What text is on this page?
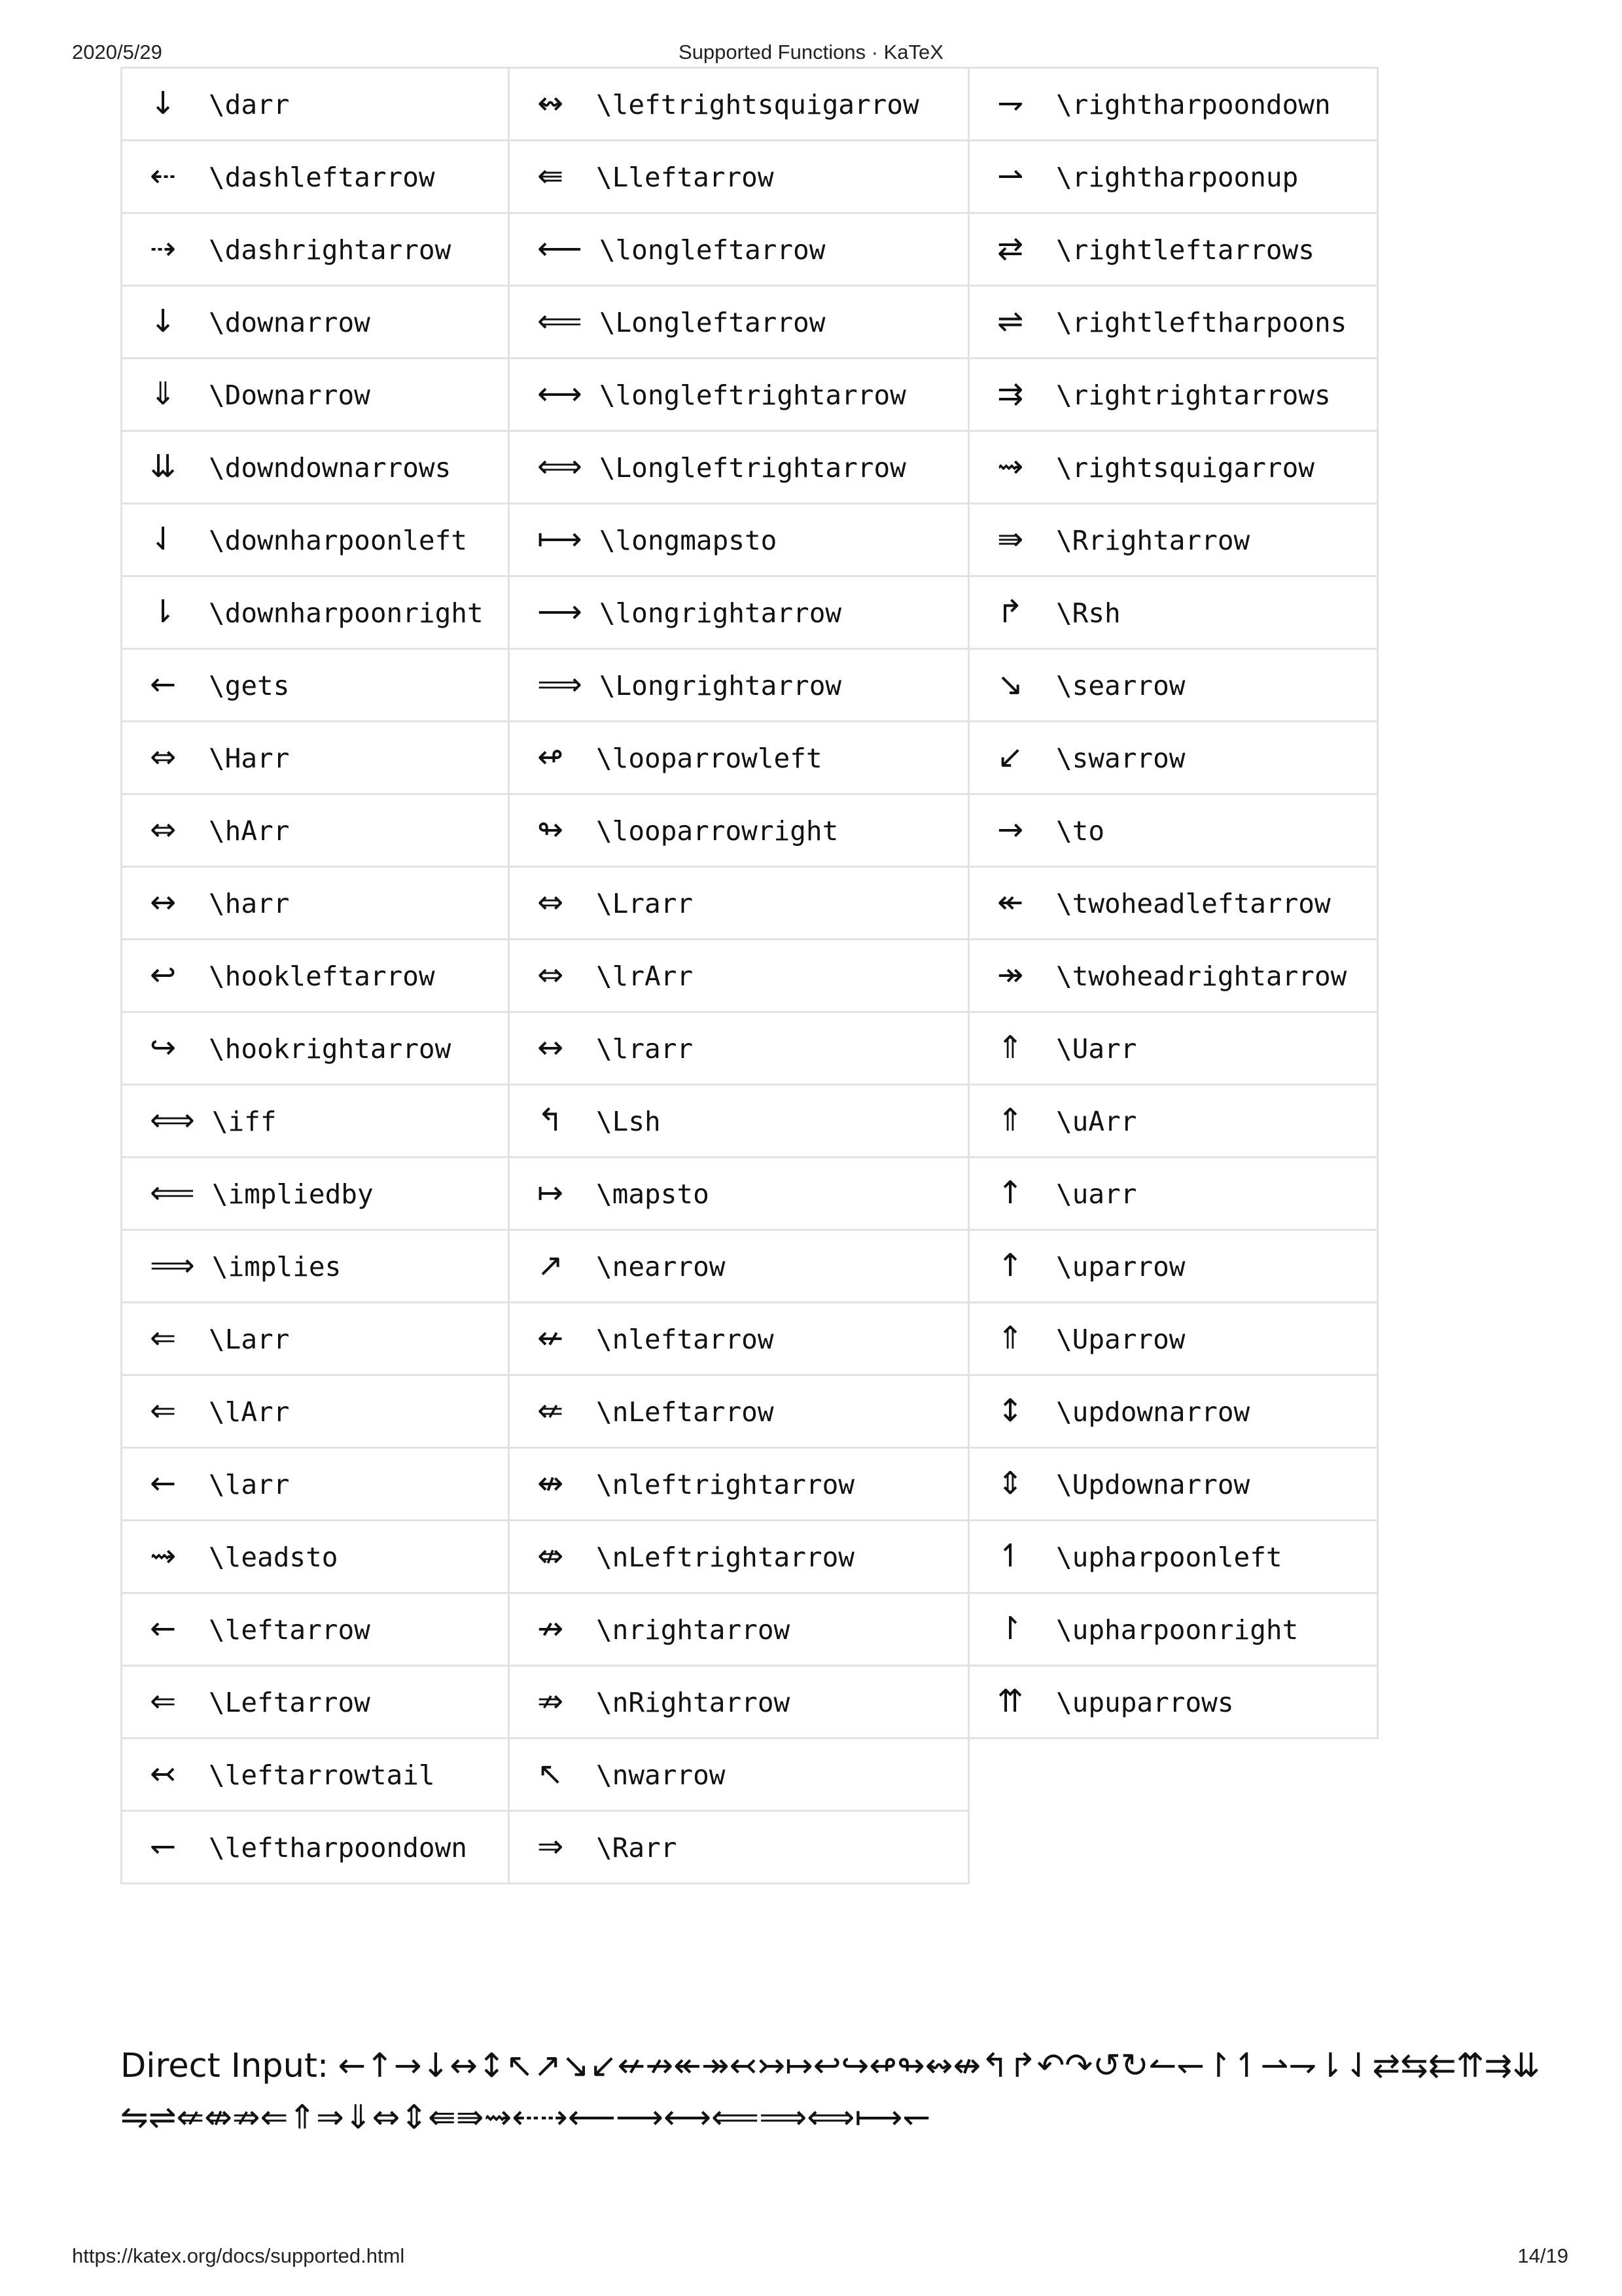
2020/5/29	Supported Functions · KaTeX
↓ \darr	↭ \leftrightsquigarrow	⇁ \rightharpoondown
⇠ \dashleftarrow	⇚ \Lleftarrow	⇀ \rightharpoonup
⇢ \dashrightarrow	⟵ \longleftarrow	⇄ \rightleftarrows
↓ \downarrow	⟸ \Longleftarrow	⇌ \rightleftharpoons
⇓ \Downarrow	⟷ \longleftrightarrow	⇉ \rightrightarrows
⇊ \downdownarrows	⟺ \Longleftrightarrow	⇝ \rightsquigarrow
⇃ \downharpoonleft	⟼ \longmapsto	⇛ \Rrightarrow
⇂ \downharpoonright	⟶ \longrightarrow	↱ \Rsh
← \gets	⟹ \Longrightarrow	↘ \searrow
⇔ \Harr	↫ \looparrowleft	↙ \swarrow
⇔ \hArr	↬ \looparrowright	→ \to
↔ \harr	⇔ \Lrarr	↞ \twoheadleftarrow
↩ \hookleftarrow	⇔ \lrArr	↠ \twoheadrightarrow
↪ \hookrightarrow	↔ \lrarr	⇑ \Uarr
⟺ \iff	↰ \Lsh	⇑ \uArr
⟸ \impliedby	↦ \mapsto	↑ \uarr
⟹ \implies	↗ \nearrow	↑ \uparrow
⇐ \Larr	↚ \nleftarrow	⇑ \Uparrow
⇐ \lArr	⇍ \nLeftarrow	↕ \updownarrow
← \larr	↮ \nleftrightarrow	⇕ \Updownarrow
⇝ \leadsto	⇎ \nLeftrightarrow	↿ \upharpoonleft
← \leftarrow	↛ \nrightarrow	↾ \upharpoonright
⇐ \Leftarrow	⇏ \nRightarrow	⇈ \upuparrows
↢ \leftarrowtail	↖ \nwarrow	
↽ \leftharpoondown	⇒ \Rarr	
Direct Input: ←↑→↓↔↕↖↗↘↙↚↛↞↠↢↣↦↩↪↫↬↭↮↰↱↶↷↺↻↼↽↾↿⇀⇁⇂⇃⇄⇆⇇⇈⇉⇊⇋⇌⇍⇎⇏⇐⇑⇒⇓⇔⇕⇚⇛⇝⇠⇢⟵⟶⟷⟸⟹⟺⟼↽
https://katex.org/docs/supported.html	14/19
